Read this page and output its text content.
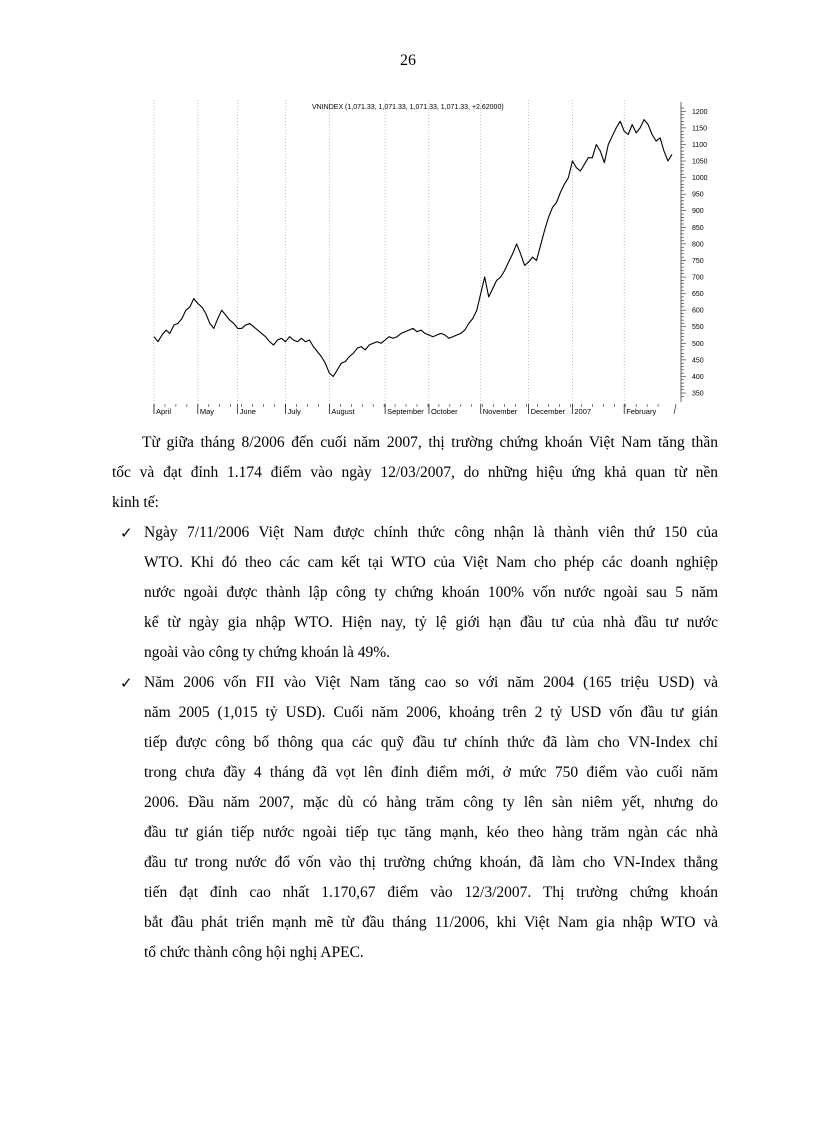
26
April	May	June	July	August	September October	November December 2007	February
350
400
450
500
550
600
650
700
750
800
850
900
950
1000
1050
1100
1150
1200
VNINDEX (1,071.33, 1,071.33, 1,071.33, 1,071.33, +2.62000)

Từ giữa tháng 8/2006 đến cuối năm 2007, thị trường chứng khoán Việt Nam tăng thần
tốc và đạt đỉnh 1.174 điểm vào ngày 12/03/2007, do những hiệu ứng khả quan từ nền
kinh tế:

✓ Ngày 7/11/2006 Việt Nam được chính thức công nhận là thành viên thứ 150 của
WTO. Khi đó theo các cam kết tại WTO của Việt Nam cho phép các doanh nghiệp
nước ngoài được thành lập công ty chứng khoán 100% vốn nước ngoài sau 5 năm
kể từ ngày gia nhập WTO. Hiện nay, tỷ lệ giới hạn đầu tư của nhà đầu tư nước
ngoài vào công ty chứng khoán là 49%.
✓ Năm 2006 vốn FII vào Việt Nam tăng cao so với năm 2004 (165 triệu USD) và
năm 2005 (1,015 tỷ USD). Cuối năm 2006, khoảng trên 2 tỷ USD vốn đầu tư gián
tiếp được công bố thông qua các quỹ đầu tư chính thức đã làm cho VN-Index chỉ
trong chưa đầy 4 tháng đã vọt lên đỉnh điểm mới, ở mức 750 điểm vào cuối năm
2006. Đầu năm 2007, mặc dù có hàng trăm công ty lên sàn niêm yết, nhưng do
đầu tư gián tiếp nước ngoài tiếp tục tăng mạnh, kéo theo hàng trăm ngàn các nhà
đầu tư trong nước đổ vốn vào thị trường chứng khoán, đã làm cho VN-Index thẳng
tiến đạt đỉnh cao nhất 1.170,67 điểm vào 12/3/2007. Thị trường chứng khoán
bắt đầu phát triển mạnh mẽ từ đầu tháng 11/2006, khi Việt Nam gia nhập WTO và
tổ chức thành công hội nghị APEC.
